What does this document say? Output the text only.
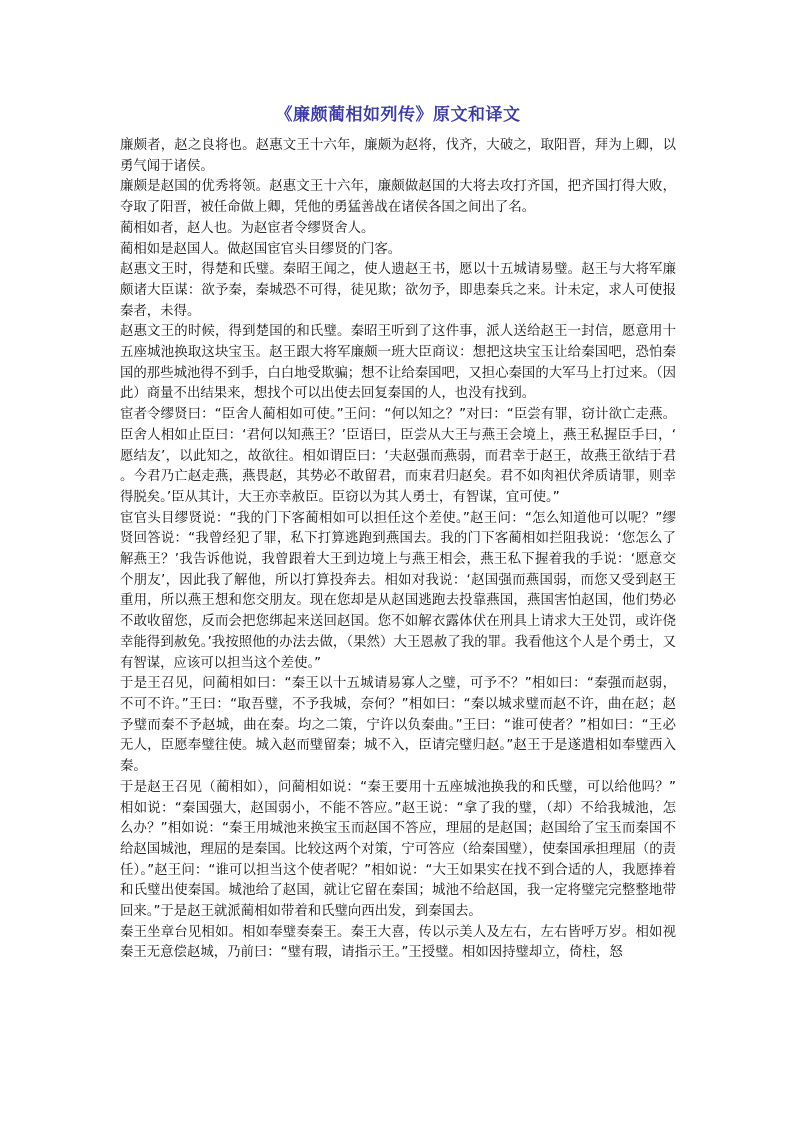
《廉颇蔺相如列传》原文和译文

廉颇者，赵之良将也。赵惠文王十六年，廉颇为赵将，伐齐，大破之，取阳晋，拜为上卿，以勇气闻于诸侯。

廉颇是赵国的优秀将领。赵惠文王十六年，廉颇做赵国的大将去攻打齐国，把齐国打得大败，夺取了阳晋，被任命做上卿，凭他的勇猛善战在诸侯各国之间出了名。

蔺相如者，赵人也。为赵宦者令缪贤舍人。

蔺相如是赵国人。做赵国宦官头目缪贤的门客。

赵惠文王时，得楚和氏璧。秦昭王闻之，使人遗赵王书，愿以十五城请易璧。赵王与大将军廉颇诸大臣谋：欲予秦，秦城恐不可得，徒见欺；欲勿予，即患秦兵之来。计未定，求人可使报秦者，未得。

赵惠文王的时候，得到楚国的和氏璧。秦昭王听到了这件事，派人送给赵王一封信，愿意用十五座城池换取这块宝玉。赵王跟大将军廉颇一班大臣商议：想把这块宝玉让给秦国吧，恐怕秦国的那些城池得不到手，白白地受欺骗；想不让给秦国吧，又担心秦国的大军马上打过来。（因此）商量不出结果来，想找个可以出使去回复秦国的人，也没有找到。

宦者令缪贤曰：“臣舍人蔺相如可使。”王问：“何以知之？”对曰：“臣尝有罪，窃计欲亡走燕。臣舍人相如止臣曰：‘君何以知燕王？’臣语曰，臣尝从大王与燕王会境上，燕王私握臣手曰，‘愿结友’，以此知之，故欲往。相如谓臣曰：‘夫赵强而燕弱，而君幸于赵王，故燕王欲结于君。今君乃亡赵走燕，燕畏赵，其势必不敢留君，而束君归赵矣。君不如肉袒伏斧质请罪，则幸得脱矣。’臣从其计，大王亦幸赦臣。臣窃以为其人勇士，有智谋，宜可使。”

宦官头目缪贤说：“我的门下客蔺相如可以担任这个差使。”赵王问：“怎么知道他可以呢？”缪贤回答说：“我曾经犯了罪，私下打算逃跑到燕国去。我的门下客蔺相如拦阻我说：‘您怎么了解燕王？’我告诉他说，我曾跟着大王到边境上与燕王相会，燕王私下握着我的手说：‘愿意交个朋友’，因此我了解他，所以打算投奔去。相如对我说：‘赵国强而燕国弱，而您又受到赵王重用，所以燕王想和您交朋友。现在您却是从赵国逃跑去投靠燕国，燕国害怕赵国，他们势必不敢收留您，反而会把您绑起来送回赵国。您不如解衣露体伏在刑具上请求大王处罚，或许侥幸能得到赦免。’我按照他的办法去做，（果然）大王恩赦了我的罪。我看他这个人是个勇士，又有智谋，应该可以担当这个差使。”

于是王召见，问蔺相如曰：“秦王以十五城请易寡人之璧，可予不？”相如曰：“秦强而赵弱，不可不许。”王曰：“取吾璧，不予我城，奈何？”相如曰：“秦以城求璧而赵不许，曲在赵；赵予璧而秦不予赵城，曲在秦。均之二策，宁许以负秦曲。”王曰：“谁可使者？”相如曰：“王必无人，臣愿奉璧往使。城入赵而璧留秦；城不入，臣请完璧归赵。”赵王于是遂遣相如奉璧西入秦。

于是赵王召见（蔺相如），问蔺相如说：“秦王要用十五座城池换我的和氏璧，可以给他吗？”相如说：“秦国强大，赵国弱小，不能不答应。”赵王说：“拿了我的璧，（却）不给我城池，怎么办？”相如说：“秦王用城池来换宝玉而赵国不答应，理屈的是赵国；赵国给了宝玉而秦国不给赵国城池，理屈的是秦国。比较这两个对策，宁可答应（给秦国璧），使秦国承担理屈（的责任）。”赵王问：“谁可以担当这个使者呢？”相如说：“大王如果实在找不到合适的人，我愿捧着和氏璧出使秦国。城池给了赵国，就让它留在秦国；城池不给赵国，我一定将璧完完整整地带回来。”于是赵王就派蔺相如带着和氏璧向西出发，到秦国去。

秦王坐章台见相如。相如奉璧奏秦王。秦王大喜，传以示美人及左右，左右皆呼万岁。相如视秦王无意偿赵城，乃前曰：“璧有瑕，请指示王。”王授璧。相如因持璧却立，倚柱，怒
